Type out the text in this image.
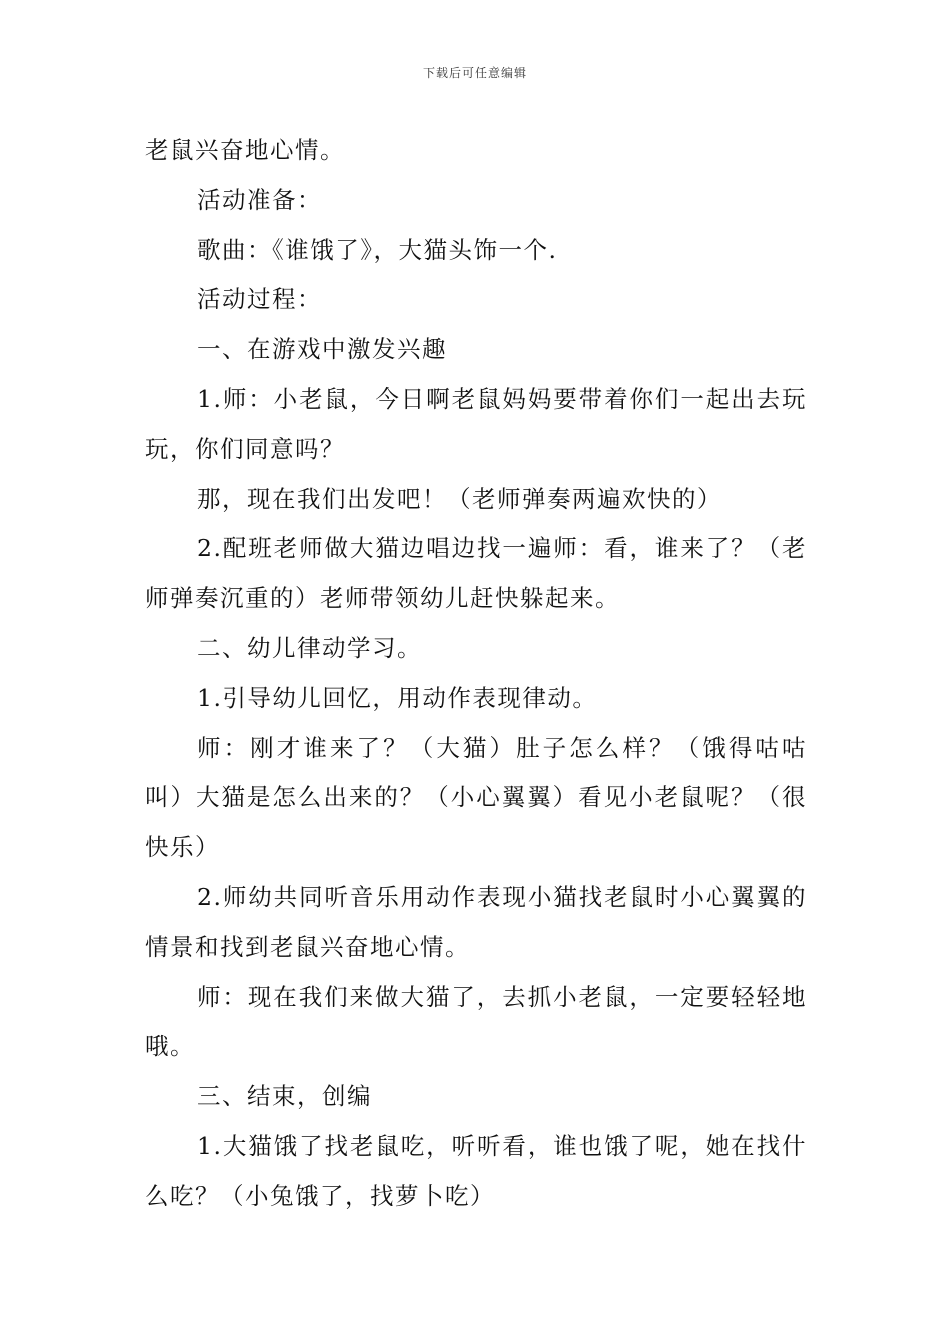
下载后可任意编辑

老鼠兴奋地心情。

活动准备：

歌曲：《谁饿了》，大猫头饰一个.

活动过程：

一、在游戏中激发兴趣

1.师：小老鼠，今日啊老鼠妈妈要带着你们一起出去玩玩，你们同意吗？

那，现在我们出发吧！（老师弹奏两遍欢快的）

2.配班老师做大猫边唱边找一遍师：看，谁来了？（老师弹奏沉重的）老师带领幼儿赶快躲起来。

二、幼儿律动学习。

1.引导幼儿回忆，用动作表现律动。

师：刚才谁来了？（大猫）肚子怎么样？（饿得咕咕叫）大猫是怎么出来的？（小心翼翼）看见小老鼠呢？（很快乐）

2.师幼共同听音乐用动作表现小猫找老鼠时小心翼翼的情景和找到老鼠兴奋地心情。

师：现在我们来做大猫了，去抓小老鼠，一定要轻轻地哦。

三、结束，创编

1.大猫饿了找老鼠吃，听听看，谁也饿了呢，她在找什么吃？（小兔饿了，找萝卜吃）
